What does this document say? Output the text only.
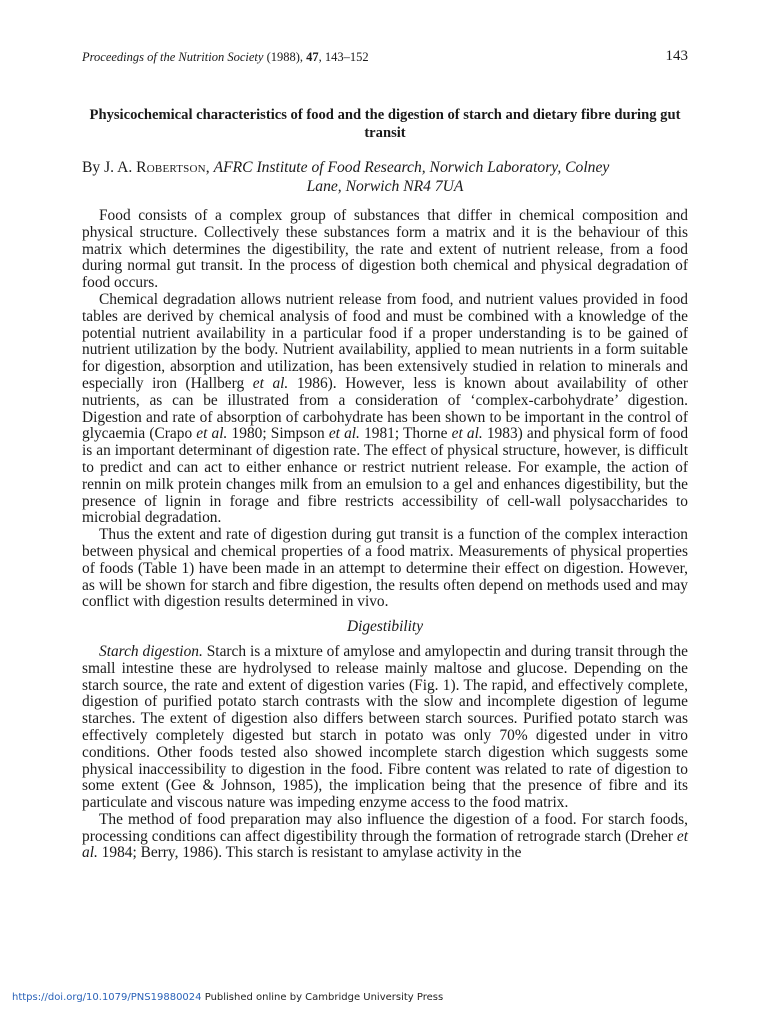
Proceedings of the Nutrition Society (1988), 47, 143–152	143
Physicochemical characteristics of food and the digestion of starch and dietary fibre during gut transit
By J. A. Robertson, AFRC Institute of Food Research, Norwich Laboratory, Colney
Lane, Norwich NR4 7UA

Food consists of a complex group of substances that differ in chemical composition and physical structure. Collectively these substances form a matrix and it is the behaviour of this matrix which determines the digestibility, the rate and extent of nutrient release, from a food during normal gut transit. In the process of digestion both chemical and physical degradation of food occurs.

Chemical degradation allows nutrient release from food, and nutrient values provided in food tables are derived by chemical analysis of food and must be combined with a knowledge of the potential nutrient availability in a particular food if a proper understanding is to be gained of nutrient utilization by the body. Nutrient availability, applied to mean nutrients in a form suitable for digestion, absorption and utilization, has been extensively studied in relation to minerals and especially iron (Hallberg et al. 1986). However, less is known about availability of other nutrients, as can be illustrated from a consideration of ‘complex-carbohydrate’ digestion. Digestion and rate of absorption of carbohydrate has been shown to be important in the control of glycaemia (Crapo et al. 1980; Simpson et al. 1981; Thorne et al. 1983) and physical form of food is an important determinant of digestion rate. The effect of physical structure, however, is difficult to predict and can act to either enhance or restrict nutrient release. For example, the action of rennin on milk protein changes milk from an emulsion to a gel and enhances digestibility, but the presence of lignin in forage and fibre restricts accessibility of cell-wall polysaccharides to microbial degradation.

Thus the extent and rate of digestion during gut transit is a function of the complex interaction between physical and chemical properties of a food matrix. Measurements of physical properties of foods (Table 1) have been made in an attempt to determine their effect on digestion. However, as will be shown for starch and fibre digestion, the results often depend on methods used and may conflict with digestion results determined in vivo.

Digestibility

Starch digestion. Starch is a mixture of amylose and amylopectin and during transit through the small intestine these are hydrolysed to release mainly maltose and glucose. Depending on the starch source, the rate and extent of digestion varies (Fig. 1). The rapid, and effectively complete, digestion of purified potato starch contrasts with the slow and incomplete digestion of legume starches. The extent of digestion also differs between starch sources. Purified potato starch was effectively completely digested but starch in potato was only 70% digested under in vitro conditions. Other foods tested also showed incomplete starch digestion which suggests some physical inaccessibility to digestion in the food. Fibre content was related to rate of digestion to some extent (Gee & Johnson, 1985), the implication being that the presence of fibre and its particulate and viscous nature was impeding enzyme access to the food matrix.

The method of food preparation may also influence the digestion of a food. For starch foods, processing conditions can affect digestibility through the formation of retrograde starch (Dreher et al. 1984; Berry, 1986). This starch is resistant to amylase activity in the

https://doi.org/10.1079/PNS19880024 Published online by Cambridge University Press
